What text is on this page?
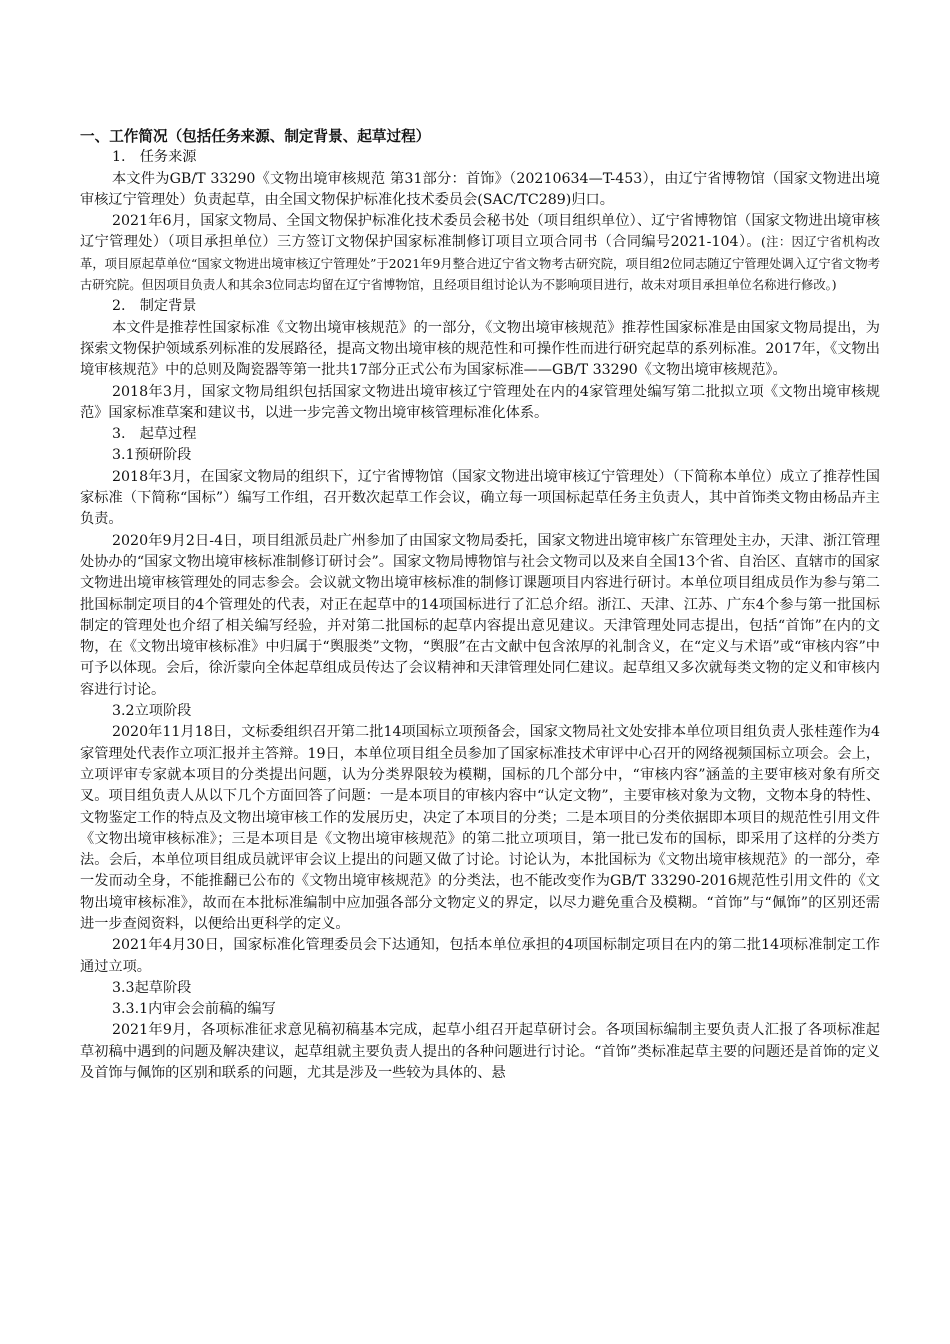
一、工作简况（包括任务来源、制定背景、起草过程）

1.　任务来源

本文件为GB/T 33290《文物出境审核规范 第31部分：首饰》（20210634—T-453），由辽宁省博物馆（国家文物进出境审核辽宁管理处）负责起草，由全国文物保护标准化技术委员会(SAC/TC289)归口。

2021年6月，国家文物局、全国文物保护标准化技术委员会秘书处（项目组织单位）、辽宁省博物馆（国家文物进出境审核辽宁管理处）（项目承担单位）三方签订文物保护国家标准制修订项目立项合同书（合同编号2021-104）。(注：因辽宁省机构改革，项目原起草单位“国家文物进出境审核辽宁管理处”于2021年9月整合进辽宁省文物考古研究院，项目组2位同志随辽宁管理处调入辽宁省文物考古研究院。但因项目负责人和其余3位同志均留在辽宁省博物馆，且经项目组讨论认为不影响项目进行，故未对项目承担单位名称进行修改。)

2.　制定背景

本文件是推荐性国家标准《文物出境审核规范》的一部分，《文物出境审核规范》推荐性国家标准是由国家文物局提出，为探索文物保护领域系列标准的发展路径，提高文物出境审核的规范性和可操作性而进行研究起草的系列标准。2017年，《文物出境审核规范》中的总则及陶瓷器等第一批共17部分正式公布为国家标准——GB/T 33290《文物出境审核规范》。

2018年3月，国家文物局组织包括国家文物进出境审核辽宁管理处在内的4家管理处编写第二批拟立项《文物出境审核规范》国家标准草案和建议书，以进一步完善文物出境审核管理标准化体系。

3.　起草过程

3.1预研阶段

2018年3月，在国家文物局的组织下，辽宁省博物馆（国家文物进出境审核辽宁管理处）（下简称本单位）成立了推荐性国家标准（下简称“国标”）编写工作组，召开数次起草工作会议，确立每一项国标起草任务主负责人，其中首饰类文物由杨品卉主负责。

2020年9月2日-4日，项目组派员赴广州参加了由国家文物局委托，国家文物进出境审核广东管理处主办，天津、浙江管理处协办的“国家文物出境审核标准制修订研讨会”。国家文物局博物馆与社会文物司以及来自全国13个省、自治区、直辖市的国家文物进出境审核管理处的同志参会。会议就文物出境审核标准的制修订课题项目内容进行研讨。本单位项目组成员作为参与第二批国标制定项目的4个管理处的代表，对正在起草中的14项国标进行了汇总介绍。浙江、天津、江苏、广东4个参与第一批国标制定的管理处也介绍了相关编写经验，并对第二批国标的起草内容提出意见建议。天津管理处同志提出，包括“首饰”在内的文物，在《文物出境审核标准》中归属于“舆服类”文物，“舆服”在古文献中包含浓厚的礼制含义，在“定义与术语”或“审核内容”中可予以体现。会后，徐沂蒙向全体起草组成员传达了会议精神和天津管理处同仁建议。起草组又多次就每类文物的定义和审核内容进行讨论。

3.2立项阶段

2020年11月18日，文标委组织召开第二批14项国标立项预备会，国家文物局社文处安排本单位项目组负责人张桂莲作为4家管理处代表作立项汇报并主答辩。19日，本单位项目组全员参加了国家标准技术审评中心召开的网络视频国标立项会。会上，立项评审专家就本项目的分类提出问题，认为分类界限较为模糊，国标的几个部分中，“审核内容”涵盖的主要审核对象有所交叉。项目组负责人从以下几个方面回答了问题：一是本项目的审核内容中“认定文物”，主要审核对象为文物，文物本身的特性、文物鉴定工作的特点及文物出境审核工作的发展历史，决定了本项目的分类；二是本项目的分类依据即本项目的规范性引用文件《文物出境审核标准》；三是本项目是《文物出境审核规范》的第二批立项项目，第一批已发布的国标，即采用了这样的分类方法。会后，本单位项目组成员就评审会议上提出的问题又做了讨论。讨论认为，本批国标为《文物出境审核规范》的一部分，牵一发而动全身，不能推翻已公布的《文物出境审核规范》的分类法，也不能改变作为GB/T 33290-2016规范性引用文件的《文物出境审核标准》，故而在本批标准编制中应加强各部分文物定义的界定，以尽力避免重合及模糊。“首饰”与“佩饰”的区别还需进一步查阅资料，以便给出更科学的定义。

2021年4月30日，国家标准化管理委员会下达通知，包括本单位承担的4项国标制定项目在内的第二批14项标准制定工作通过立项。

3.3起草阶段

3.3.1内审会会前稿的编写

2021年9月，各项标准征求意见稿初稿基本完成，起草小组召开起草研讨会。各项国标编制主要负责人汇报了各项标准起草初稿中遇到的问题及解决建议，起草组就主要负责人提出的各种问题进行讨论。“首饰”类标准起草主要的问题还是首饰的定义及首饰与佩饰的区别和联系的问题，尤其是涉及一些较为具体的、悬
